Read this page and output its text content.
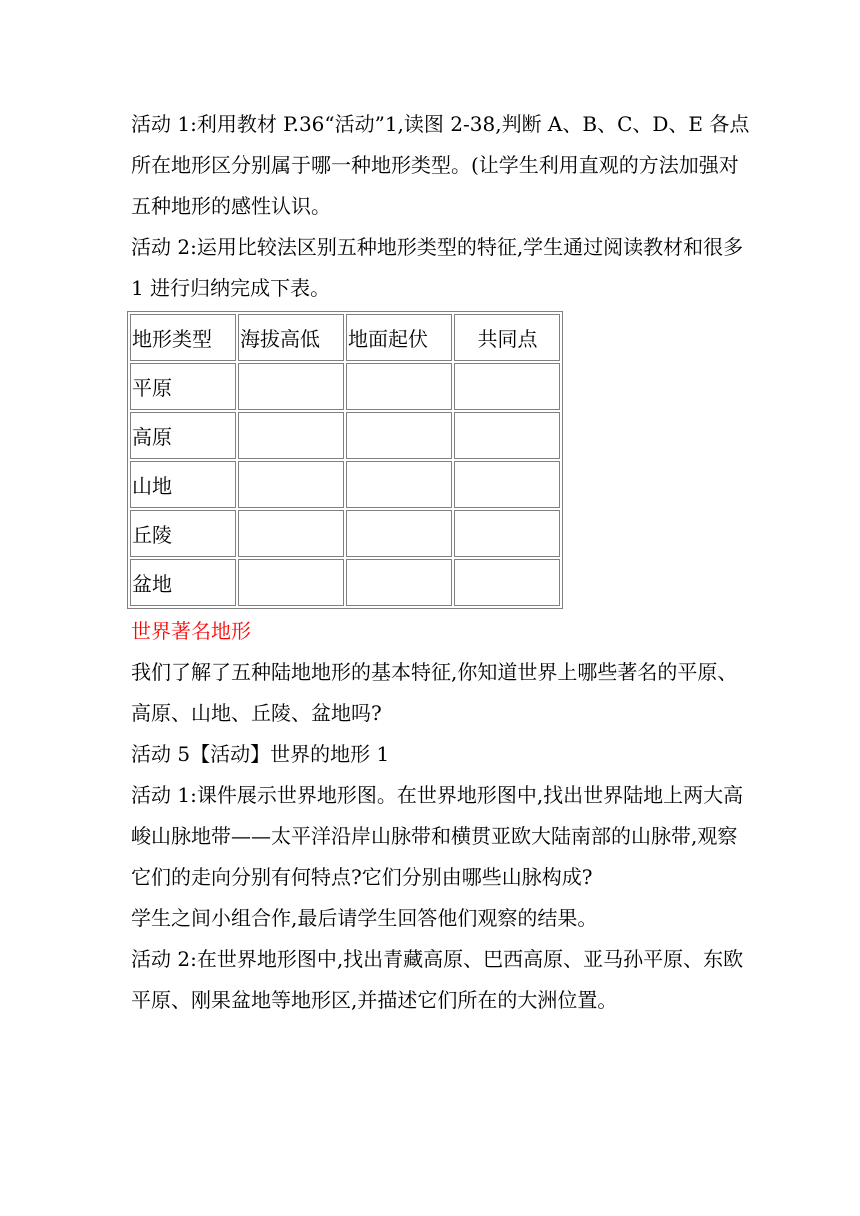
活动 1:利用教材 P.36“活动”1,读图 2-38,判断 A、B、C、D、E 各点所在地形区分别属于哪一种地形类型。(让学生利用直观的方法加强对五种地形的感性认识。

活动 2:运用比较法区别五种地形类型的特征,学生通过阅读教材和很多 1 进行归纳完成下表。

地形类型	海拔高低	地面起伏	共同点
平原			
高原			
山地			
丘陵			
盆地			

世界著名地形

我们了解了五种陆地地形的基本特征,你知道世界上哪些著名的平原、高原、山地、丘陵、盆地吗?

活动 5【活动】世界的地形 1

活动 1:课件展示世界地形图。在世界地形图中,找出世界陆地上两大高峻山脉地带——太平洋沿岸山脉带和横贯亚欧大陆南部的山脉带,观察它们的走向分别有何特点?它们分别由哪些山脉构成?

学生之间小组合作,最后请学生回答他们观察的结果。

活动 2:在世界地形图中,找出青藏高原、巴西高原、亚马孙平原、东欧平原、刚果盆地等地形区,并描述它们所在的大洲位置。
